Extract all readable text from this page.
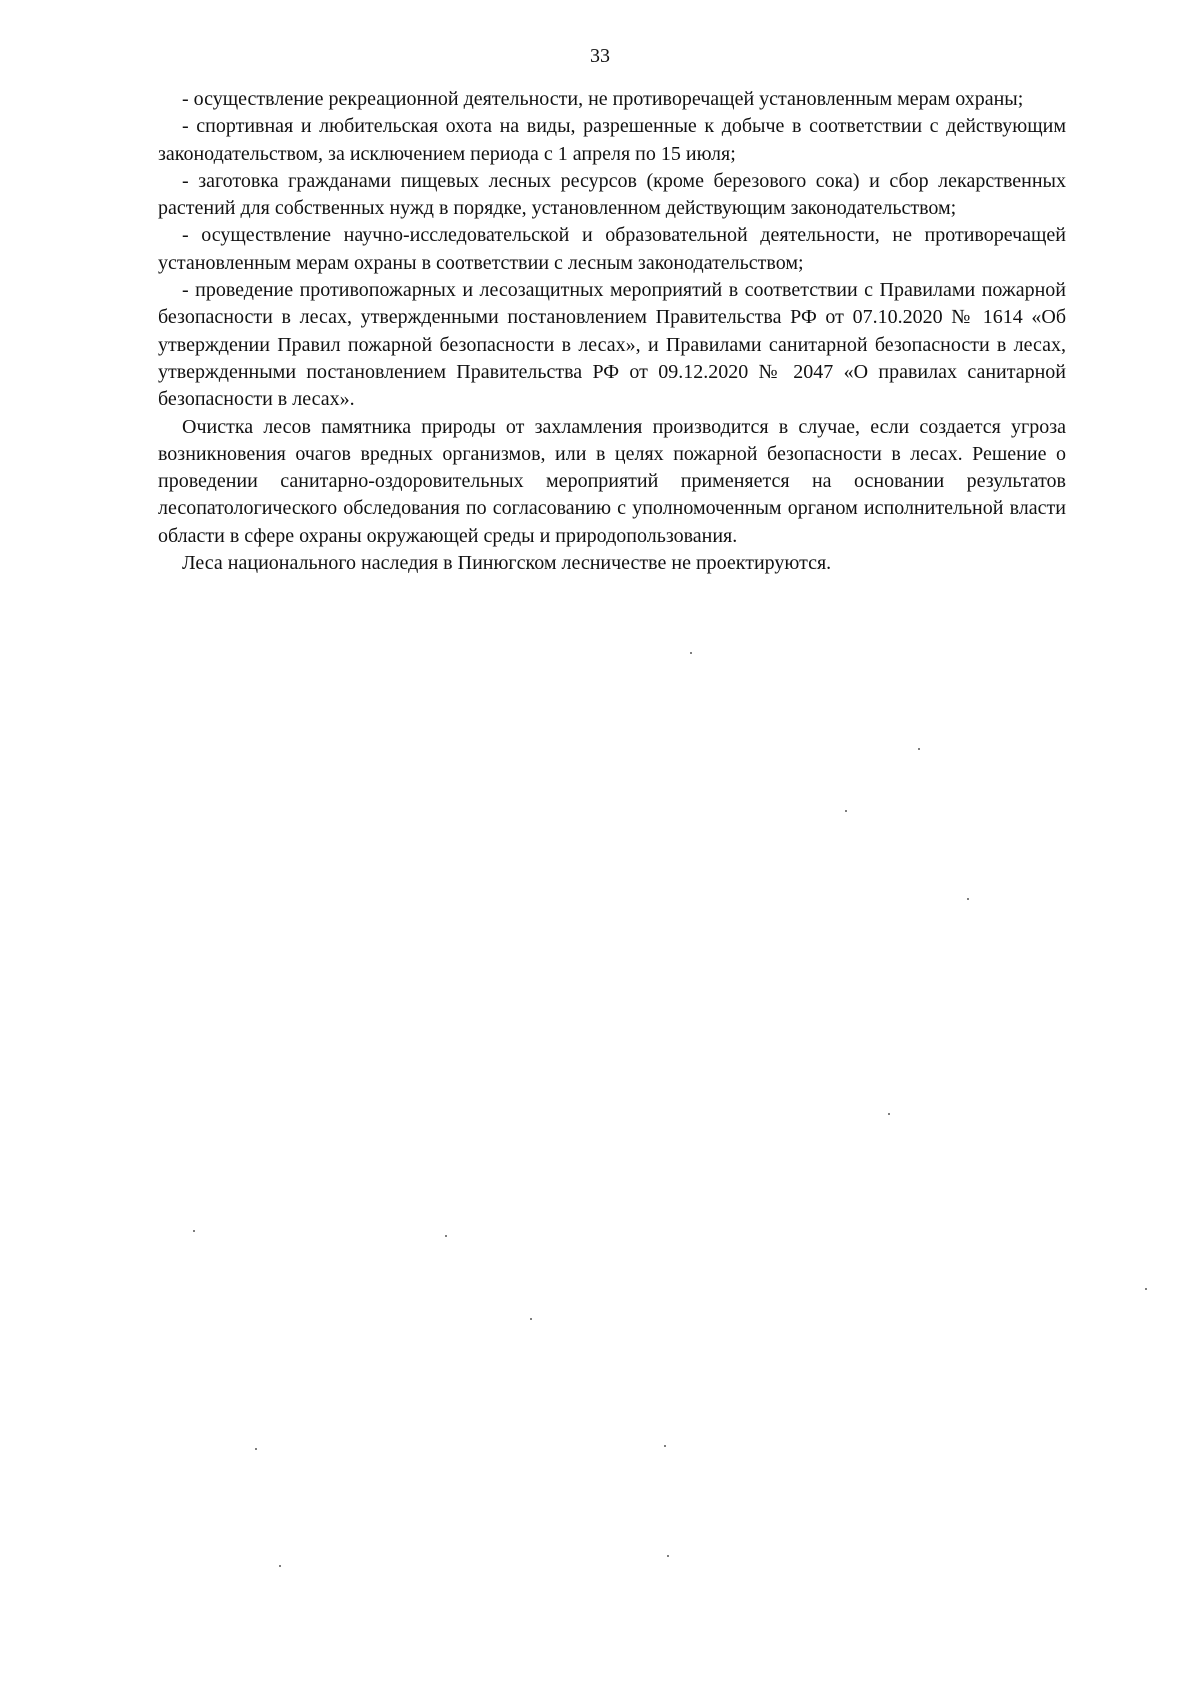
33

- осуществление рекреационной деятельности, не противоречащей установленным мерам охраны;

- спортивная и любительская охота на виды, разрешенные к добыче в соответствии с действующим законодательством, за исключением периода с 1 апреля по 15 июля;

- заготовка гражданами пищевых лесных ресурсов (кроме березового сока) и сбор лекарственных растений для собственных нужд в порядке, установленном действующим законодательством;

- осуществление научно-исследовательской и образовательной деятельности, не противоречащей установленным мерам охраны в соответствии с лесным законодательством;

- проведение противопожарных и лесозащитных мероприятий в соответствии с Правилами пожарной безопасности в лесах, утвержденными постановлением Правительства РФ от 07.10.2020 № 1614 «Об утверждении Правил пожарной безопасности в лесах», и Правилами санитарной безопасности в лесах, утвержденными постановлением Правительства РФ от 09.12.2020 № 2047 «О правилах санитарной безопасности в лесах».

Очистка лесов памятника природы от захламления производится в случае, если создается угроза возникновения очагов вредных организмов, или в целях пожарной безопасности в лесах. Решение о проведении санитарно-оздоровительных мероприятий применяется на основании результатов лесопатологического обследования по согласованию с уполномоченным органом исполнительной власти области в сфере охраны окружающей среды и природопользования.

Леса национального наследия в Пинюгском лесничестве не проектируются.
